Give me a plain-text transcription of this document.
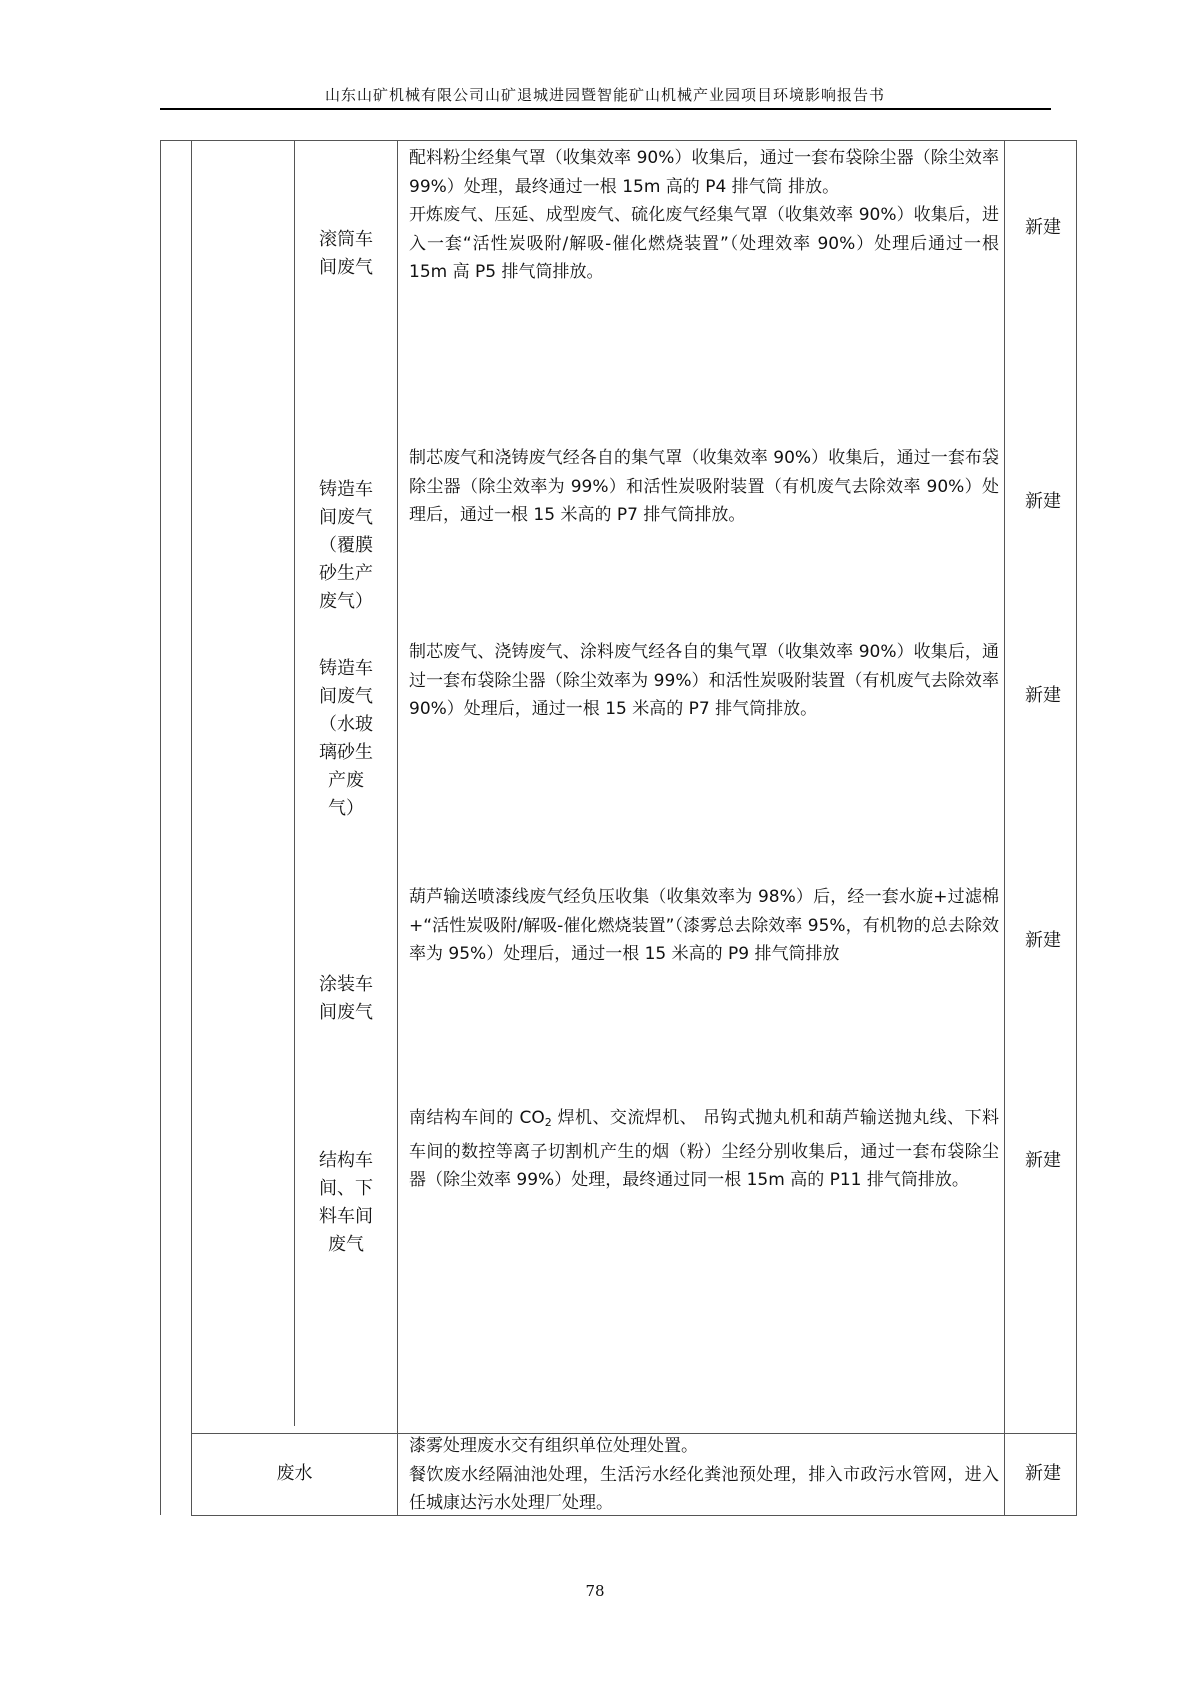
山东山矿机械有限公司山矿退城进园暨智能矿山机械产业园项目环境影响报告书
滚筒车
间废气

配料粉尘经集气罩（收集效率 90%）收集后，通过一套布袋除尘器（除尘效率 99%）处理，最终通过一根 15m 高的 P4 排气筒 排放。

开炼废气、压延、成型废气、硫化废气经集气罩（收集效率 90%）收集后，进入一套“活性炭吸附/解吸-催化燃烧装置”（处理效率 90%）处理后通过一根 15m 高 P5 排气筒排放。

新建
铸造车
间废气
（覆膜
砂生产
废气）

制芯废气和浇铸废气经各自的集气罩（收集效率 90%）收集后，通过一套布袋除尘器（除尘效率为 99%）和活性炭吸附装置（有机废气去除效率 90%）处理后，通过一根 15 米高的 P7 排气筒排放。

新建
铸造车
间废气
（水玻
璃砂生
产废
气）

制芯废气、浇铸废气、涂料废气经各自的集气罩（收集效率 90%）收集后，通过一套布袋除尘器（除尘效率为 99%）和活性炭吸附装置（有机废气去除效率 90%）处理后，通过一根 15 米高的 P7 排气筒排放。

新建
涂装车
间废气

葫芦输送喷漆线废气经负压收集（收集效率为 98%）后，经一套水旋+过滤棉+“活性炭吸附/解吸-催化燃烧装置”（漆雾总去除效率 95%，有机物的总去除效率为 95%）处理后，通过一根 15 米高的 P9 排气筒排放

新建
结构车
间、下
料车间
废气

南结构车间的 $CO_2$ 焊机、交流焊机、 吊钩式抛丸机和葫芦输送抛丸线、下料车间的数控等离子切割机产生的烟（粉）尘经分别收集后，通过一套布袋除尘器（除尘效率 99%）处理，最终通过同一根 15m 高的 P11 排气筒排放。

新建
废水

漆雾处理废水交有组织单位处理处置。

餐饮废水经隔油池处理，生活污水经化粪池预处理，排入市政污水管网，进入任城康达污水处理厂处理。

新建
78
